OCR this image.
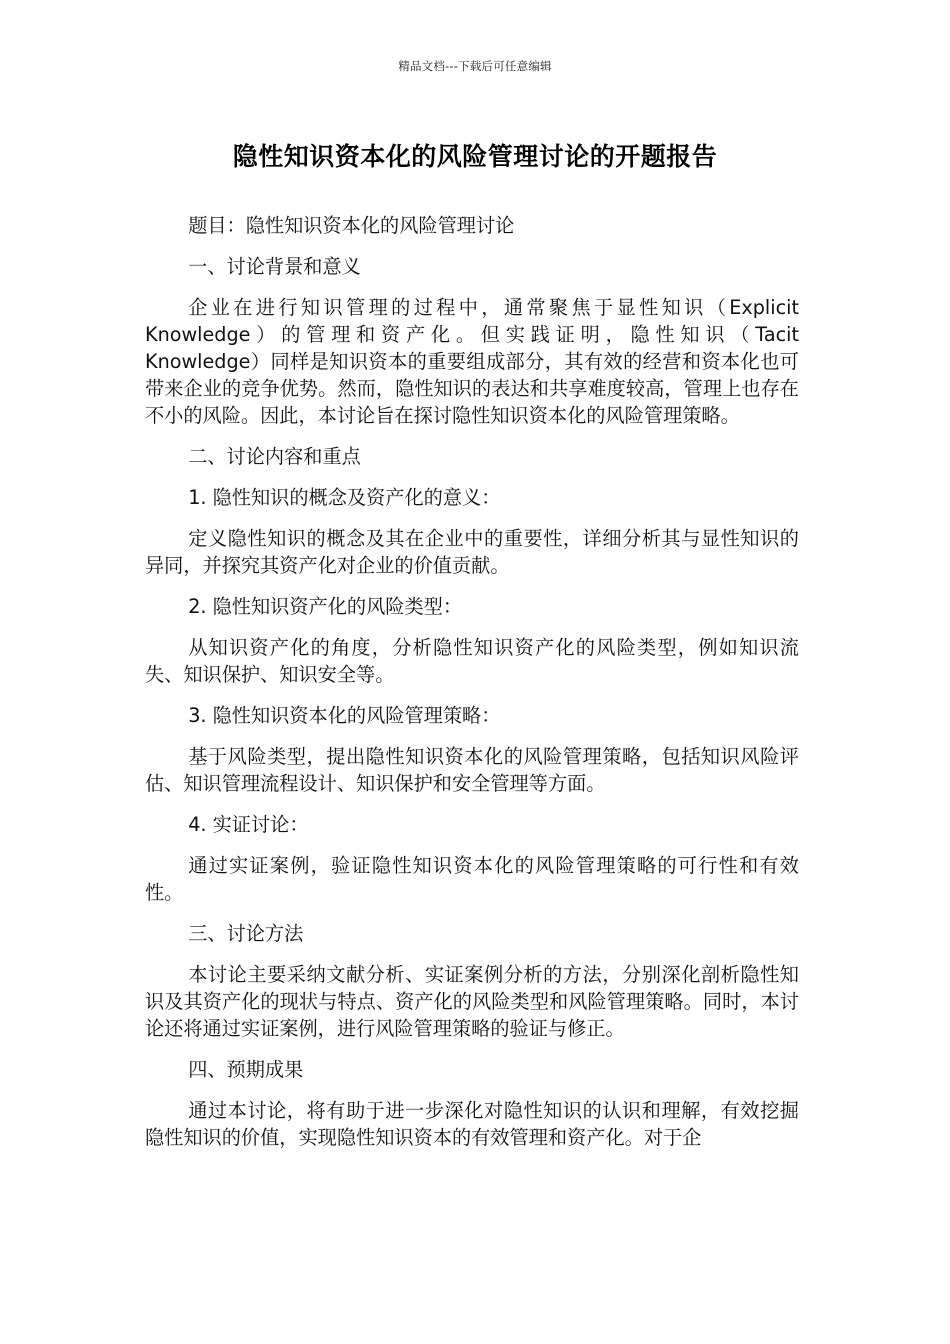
精品文档---下载后可任意编辑
隐性知识资本化的风险管理讨论的开题报告

题目：隐性知识资本化的风险管理讨论

一、讨论背景和意义

企业在进行知识管理的过程中，通常聚焦于显性知识（Explicit Knowledge）的管理和资产化。但实践证明，隐性知识（Tacit Knowledge）同样是知识资本的重要组成部分，其有效的经营和资本化也可带来企业的竞争优势。然而，隐性知识的表达和共享难度较高，管理上也存在不小的风险。因此，本讨论旨在探讨隐性知识资本化的风险管理策略。

二、讨论内容和重点

1. 隐性知识的概念及资产化的意义：

定义隐性知识的概念及其在企业中的重要性，详细分析其与显性知识的异同，并探究其资产化对企业的价值贡献。

2. 隐性知识资产化的风险类型：

从知识资产化的角度，分析隐性知识资产化的风险类型，例如知识流失、知识保护、知识安全等。

3. 隐性知识资本化的风险管理策略：

基于风险类型，提出隐性知识资本化的风险管理策略，包括知识风险评估、知识管理流程设计、知识保护和安全管理等方面。

4. 实证讨论：

通过实证案例，验证隐性知识资本化的风险管理策略的可行性和有效性。

三、讨论方法

本讨论主要采纳文献分析、实证案例分析的方法，分别深化剖析隐性知识及其资产化的现状与特点、资产化的风险类型和风险管理策略。同时，本讨论还将通过实证案例，进行风险管理策略的验证与修正。

四、预期成果

通过本讨论，将有助于进一步深化对隐性知识的认识和理解，有效挖掘隐性知识的价值，实现隐性知识资本的有效管理和资产化。对于企
